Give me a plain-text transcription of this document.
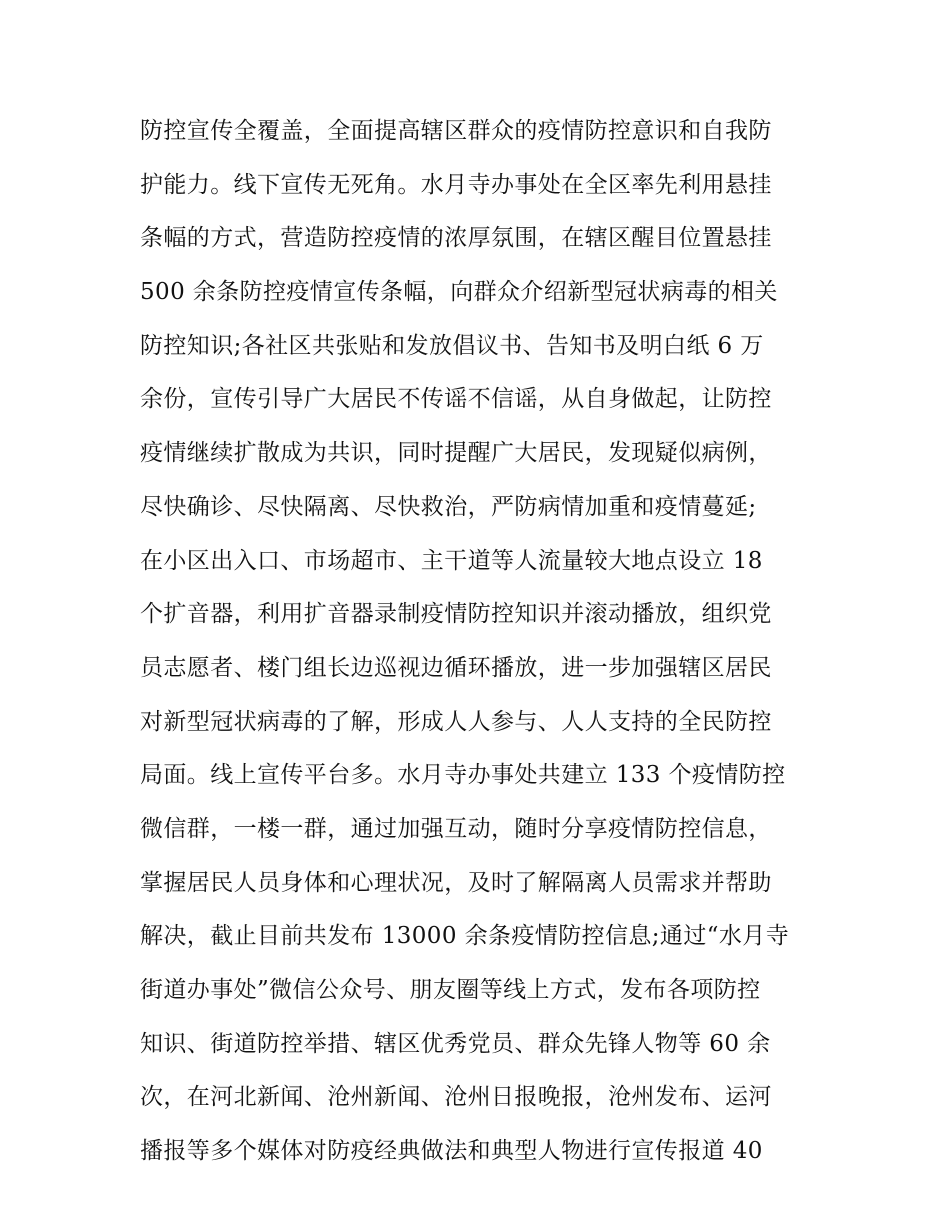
防控宣传全覆盖，全面提高辖区群众的疫情防控意识和自我防
护能力。线下宣传无死角。水月寺办事处在全区率先利用悬挂
条幅的方式，营造防控疫情的浓厚氛围，在辖区醒目位置悬挂
500 余条防控疫情宣传条幅，向群众介绍新型冠状病毒的相关
防控知识;各社区共张贴和发放倡议书、告知书及明白纸 6 万
余份，宣传引导广大居民不传谣不信谣，从自身做起，让防控
疫情继续扩散成为共识，同时提醒广大居民，发现疑似病例，
尽快确诊、尽快隔离、尽快救治，严防病情加重和疫情蔓延;
在小区出入口、市场超市、主干道等人流量较大地点设立 18
个扩音器，利用扩音器录制疫情防控知识并滚动播放，组织党
员志愿者、楼门组长边巡视边循环播放，进一步加强辖区居民
对新型冠状病毒的了解，形成人人参与、人人支持的全民防控
局面。线上宣传平台多。水月寺办事处共建立 133 个疫情防控
微信群，一楼一群，通过加强互动，随时分享疫情防控信息，
掌握居民人员身体和心理状况，及时了解隔离人员需求并帮助
解决，截止目前共发布 13000 余条疫情防控信息;通过“水月寺
街道办事处”微信公众号、朋友圈等线上方式，发布各项防控
知识、街道防控举措、辖区优秀党员、群众先锋人物等 60 余
次，在河北新闻、沧州新闻、沧州日报晚报，沧州发布、运河
播报等多个媒体对防疫经典做法和典型人物进行宣传报道 40
